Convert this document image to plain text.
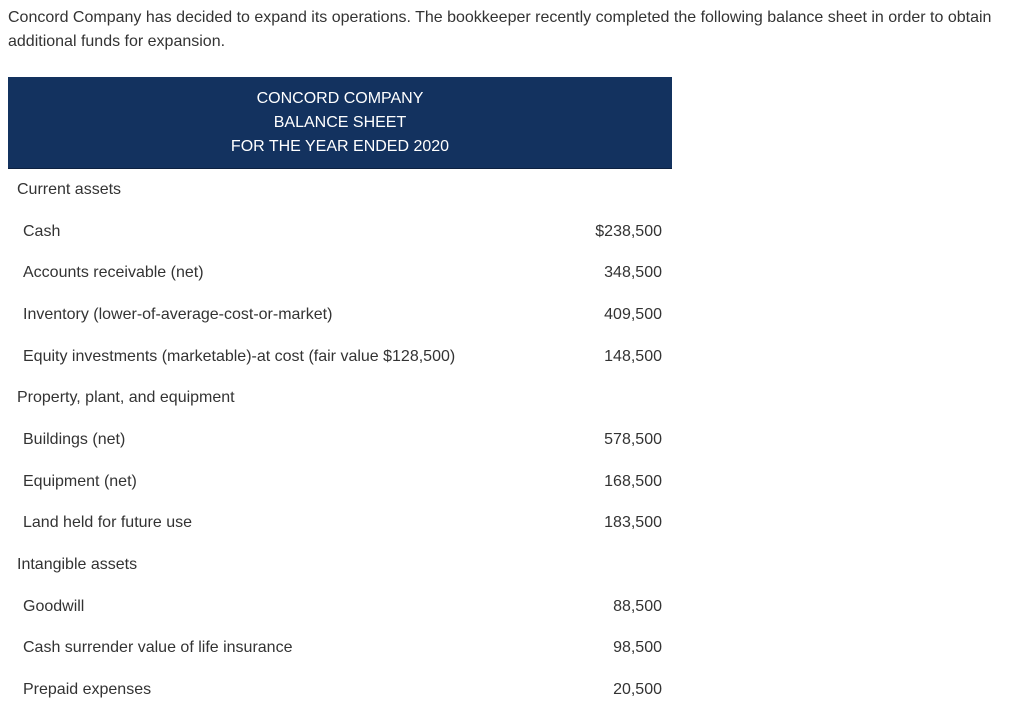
Concord Company has decided to expand its operations. The bookkeeper recently completed the following balance sheet in order to obtain additional funds for expansion.
CONCORD COMPANY
BALANCE SHEET
FOR THE YEAR ENDED 2020
Current assets
Cash	$238,500
Accounts receivable (net)	348,500
Inventory (lower-of-average-cost-or-market)	409,500
Equity investments (marketable)-at cost (fair value $128,500)	148,500
Property, plant, and equipment
Buildings (net)	578,500
Equipment (net)	168,500
Land held for future use	183,500
Intangible assets
Goodwill	88,500
Cash surrender value of life insurance	98,500
Prepaid expenses	20,500
